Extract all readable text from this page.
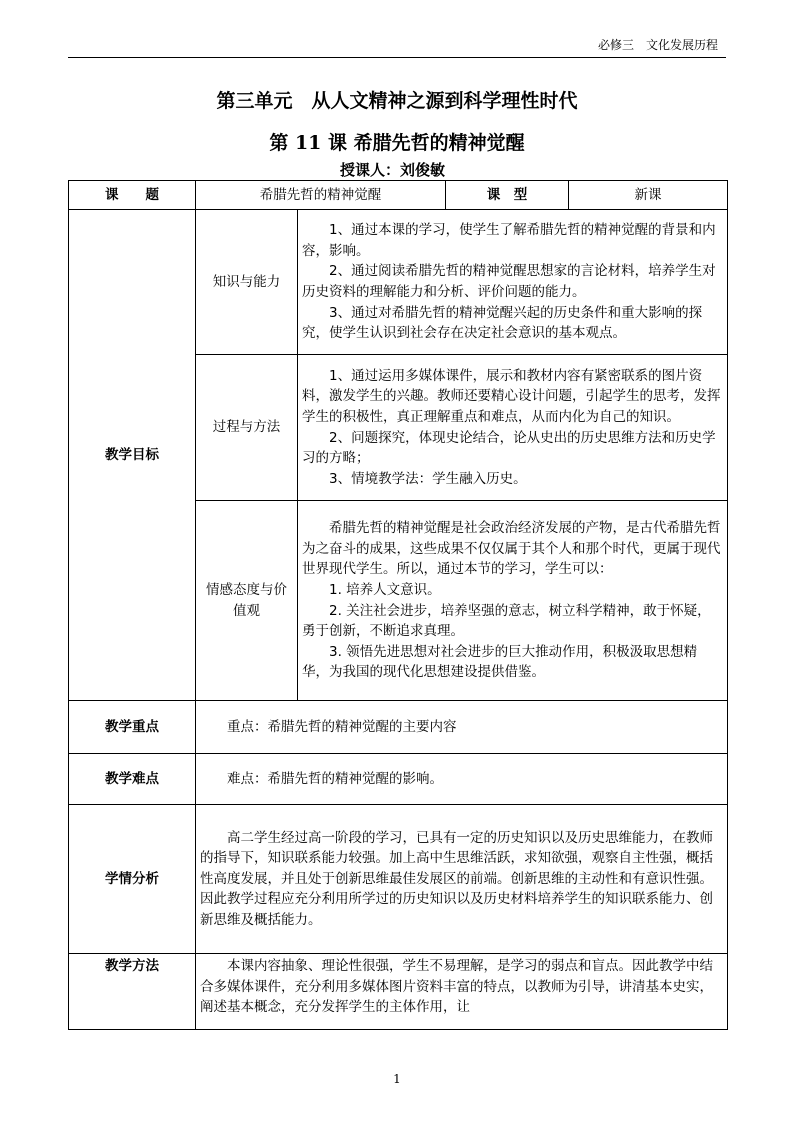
必修三　文化发展历程
第三单元　从人文精神之源到科学理性时代
第 11 课 希腊先哲的精神觉醒
授课人：刘俊敏
课　　题	希腊先哲的精神觉醒		课　型	新课
教学目标	知识与能力	1、通过本课的学习，使学生了解希腊先哲的精神觉醒的背景和内容，影响。

2、通过阅读希腊先哲的精神觉醒思想家的言论材料，培养学生对历史资料的理解能力和分析、评价问题的能力。

3、通过对希腊先哲的精神觉醒兴起的历史条件和重大影响的探究，使学生认识到社会存在决定社会意识的基本观点。		

	过程与方法	1、通过运用多媒体课件，展示和教材内容有紧密联系的图片资料，激发学生的兴趣。教师还要精心设计问题，引起学生的思考，发挥学生的积极性，真正理解重点和难点，从而内化为自己的知识。

2、问题探究，体现史论结合，论从史出的历史思维方法和历史学习的方略；

3、情境教学法：学生融入历史。		

	情感态度与价值观	希腊先哲的精神觉醒是社会政治经济发展的产物，是古代希腊先哲为之奋斗的成果，这些成果不仅仅属于其个人和那个时代，更属于现代世界现代学生。所以，通过本节的学习，学生可以：

1. 培养人文意识。

2. 关注社会进步，培养坚强的意志，树立科学精神，敢于怀疑，勇于创新，不断追求真理。

3. 领悟先进思想对社会进步的巨大推动作用，积极汲取思想精华，为我国的现代化思想建设提供借鉴。		

教学重点	重点：希腊先哲的精神觉醒的主要内容			
教学难点	难点：希腊先哲的精神觉醒的影响。			
学情分析	高二学生经过高一阶段的学习，已具有一定的历史知识以及历史思维能力，在教师的指导下，知识联系能力较强。加上高中生思维活跃，求知欲强，观察自主性强，概括性高度发展，并且处于创新思维最佳发展区的前端。创新思维的主动性和有意识性强。因此教学过程应充分利用所学过的历史知识以及历史材料培养学生的知识联系能力、创新思维及概括能力。			
教学方法	本课内容抽象、理论性很强，学生不易理解，是学习的弱点和盲点。因此教学中结合多媒体课件，充分利用多媒体图片资料丰富的特点，以教师为引导，讲清基本史实，阐述基本概念，充分发挥学生的主体作用，让			
1
